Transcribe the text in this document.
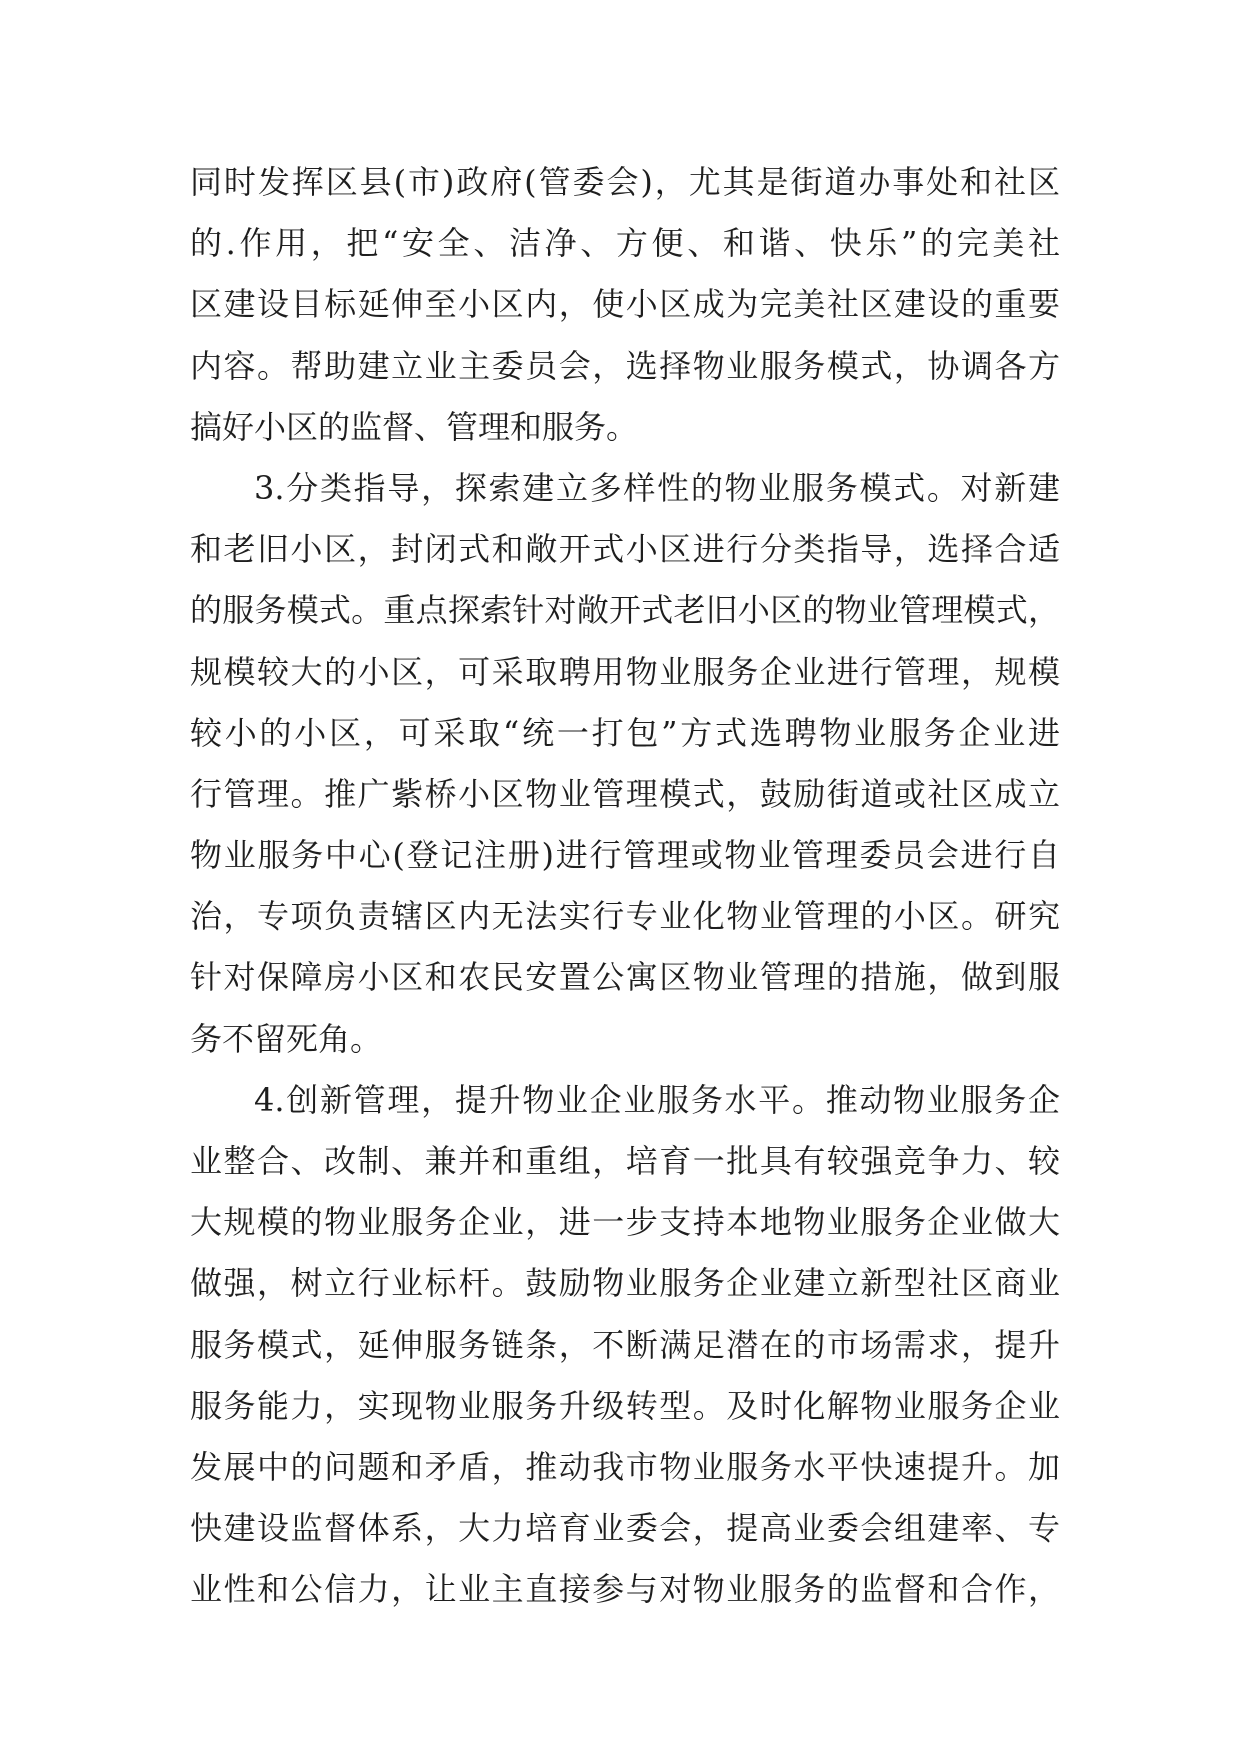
同时发挥区县(市)政府(管委会)，尤其是街道办事处和社区
的.作用，把“安全、洁净、方便、和谐、快乐”的完美社
区建设目标延伸至小区内，使小区成为完美社区建设的重要
内容。帮助建立业主委员会，选择物业服务模式，协调各方
搞好小区的监督、管理和服务。
3.分类指导，探索建立多样性的物业服务模式。对新建
和老旧小区，封闭式和敞开式小区进行分类指导，选择合适
的服务模式。重点探索针对敞开式老旧小区的物业管理模式，
规模较大的小区，可采取聘用物业服务企业进行管理，规模
较小的小区，可采取“统一打包”方式选聘物业服务企业进
行管理。推广紫桥小区物业管理模式，鼓励街道或社区成立
物业服务中心(登记注册)进行管理或物业管理委员会进行自
治，专项负责辖区内无法实行专业化物业管理的小区。研究
针对保障房小区和农民安置公寓区物业管理的措施，做到服
务不留死角。
4.创新管理，提升物业企业服务水平。推动物业服务企
业整合、改制、兼并和重组，培育一批具有较强竞争力、较
大规模的物业服务企业，进一步支持本地物业服务企业做大
做强，树立行业标杆。鼓励物业服务企业建立新型社区商业
服务模式，延伸服务链条，不断满足潜在的市场需求，提升
服务能力，实现物业服务升级转型。及时化解物业服务企业
发展中的问题和矛盾，推动我市物业服务水平快速提升。加
快建设监督体系，大力培育业委会，提高业委会组建率、专
业性和公信力，让业主直接参与对物业服务的监督和合作，
